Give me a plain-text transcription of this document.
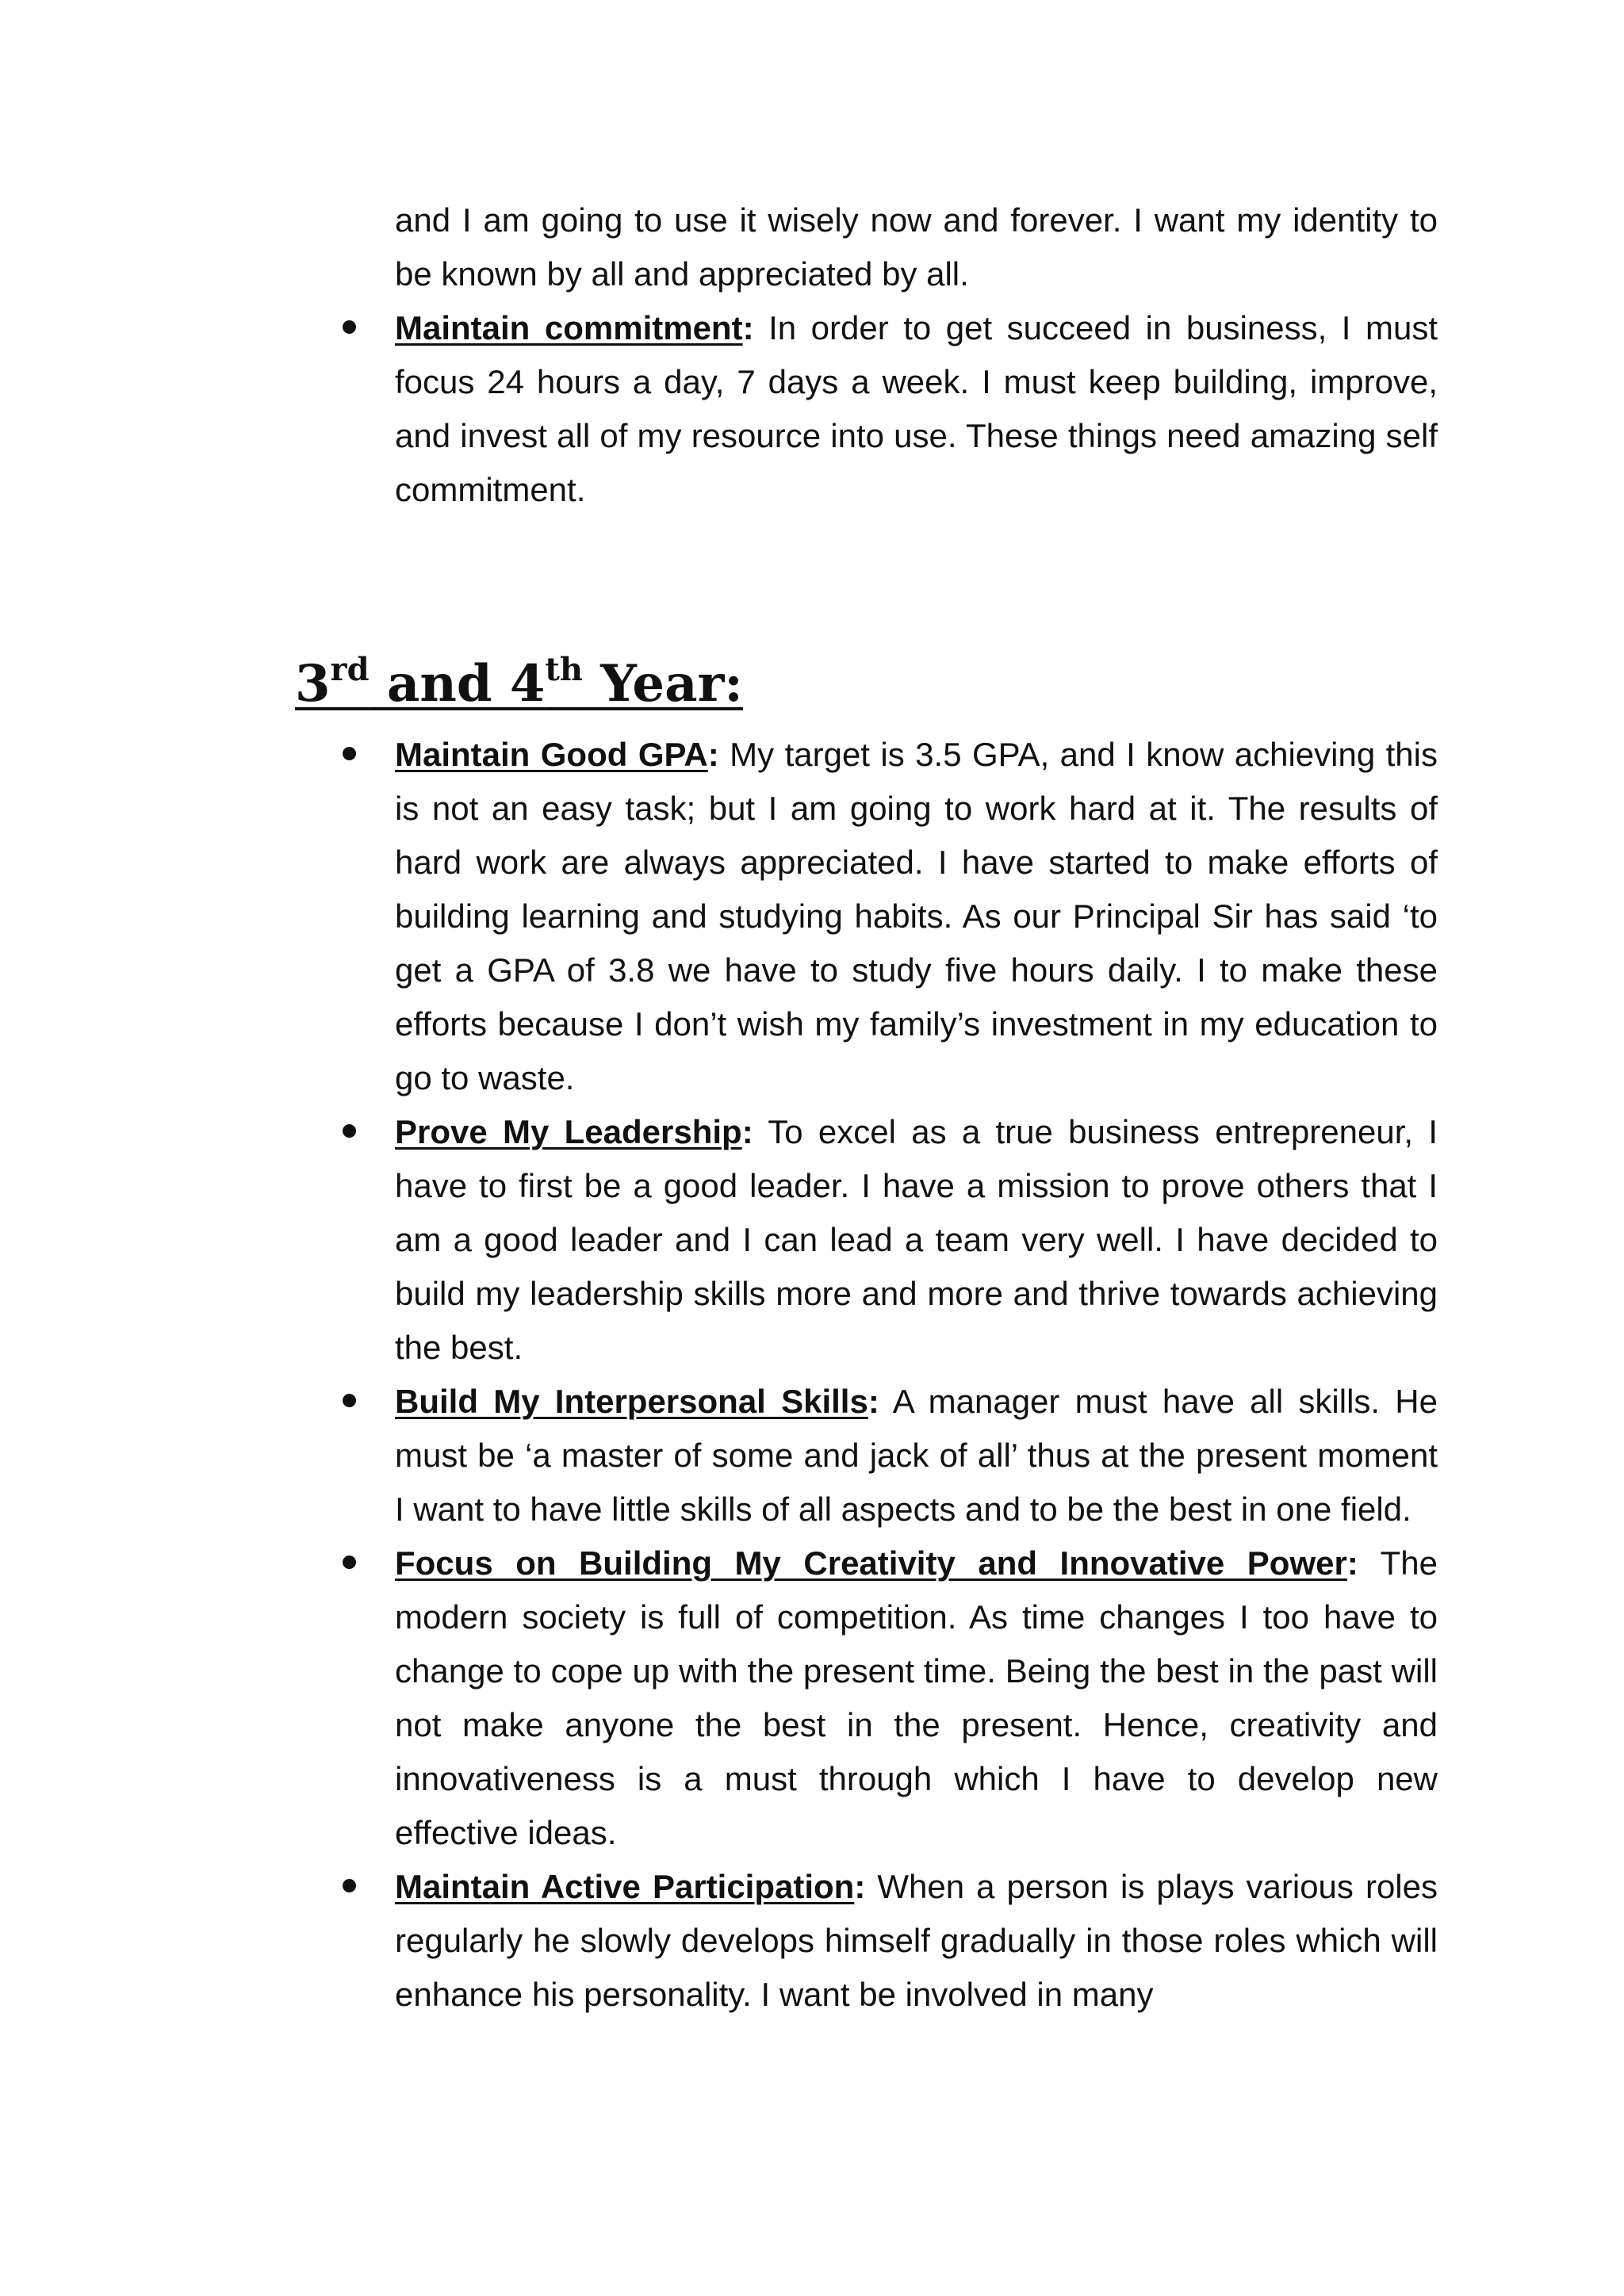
and I am going to use it wisely now and forever. I want my identity to be known by all and appreciated by all.

Maintain commitment: In order to get succeed in business, I must focus 24 hours a day, 7 days a week. I must keep building, improve, and invest all of my resource into use. These things need amazing self commitment.
3rd and 4th Year:
Maintain Good GPA: My target is 3.5 GPA, and I know achieving this is not an easy task; but I am going to work hard at it. The results of hard work are always appreciated. I have started to make efforts of building learning and studying habits. As our Principal Sir has said ‘to get a GPA of 3.8 we have to study five hours daily. I to make these efforts because I don’t wish my family’s investment in my education to go to waste.
Prove My Leadership: To excel as a true business entrepreneur, I have to first be a good leader. I have a mission to prove others that I am a good leader and I can lead a team very well. I have decided to build my leadership skills more and more and thrive towards achieving the best.
Build My Interpersonal Skills: A manager must have all skills. He must be ‘a master of some and jack of all’ thus at the present moment I want to have little skills of all aspects and to be the best in one field.
Focus on Building My Creativity and Innovative Power: The modern society is full of competition. As time changes I too have to change to cope up with the present time. Being the best in the past will not make anyone the best in the present. Hence, creativity and innovativeness is a must through which I have to develop new effective ideas.
Maintain Active Participation: When a person is plays various roles regularly he slowly develops himself gradually in those roles which will enhance his personality. I want be involved in many
